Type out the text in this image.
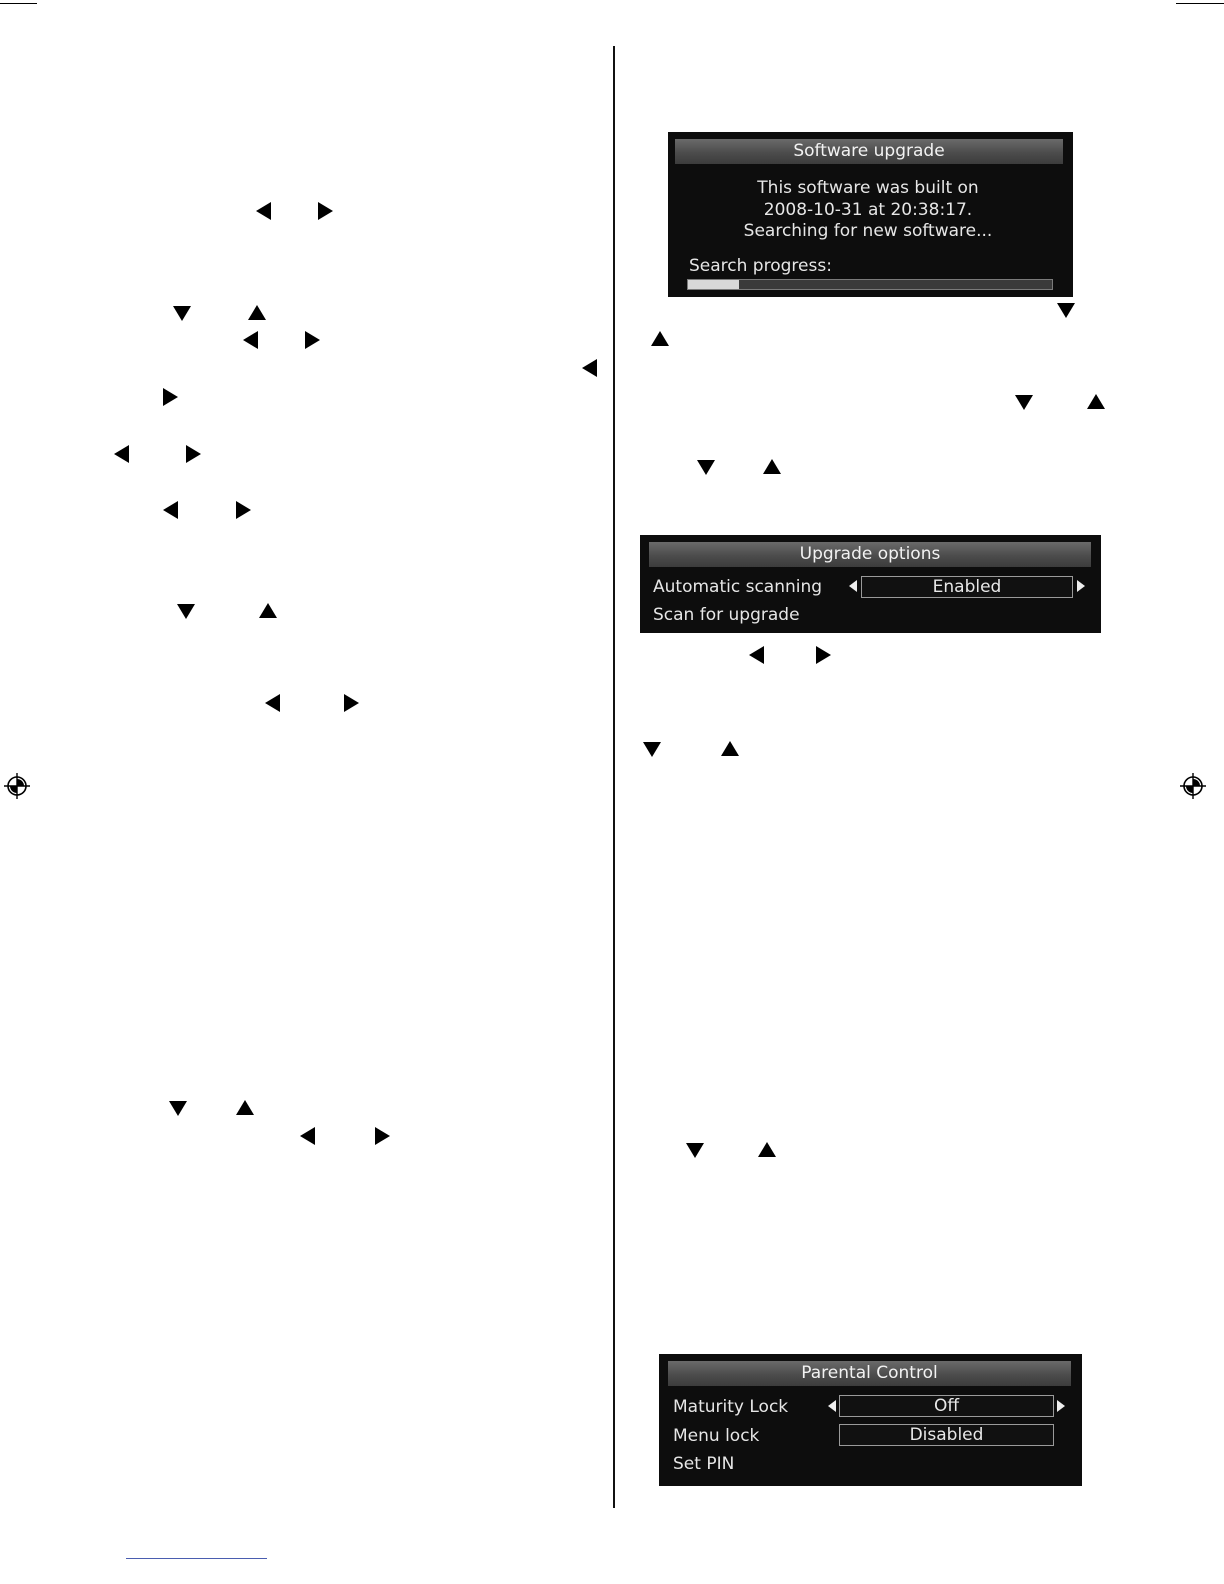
Software upgrade
This software was built on
2008-10-31 at 20:38:17.
Searching for new software...
Search progress:
Upgrade options
Automatic scanning	Enabled
Scan for upgrade
Parental Control
Maturity Lock	Off
Menu lock	Disabled
Set PIN
